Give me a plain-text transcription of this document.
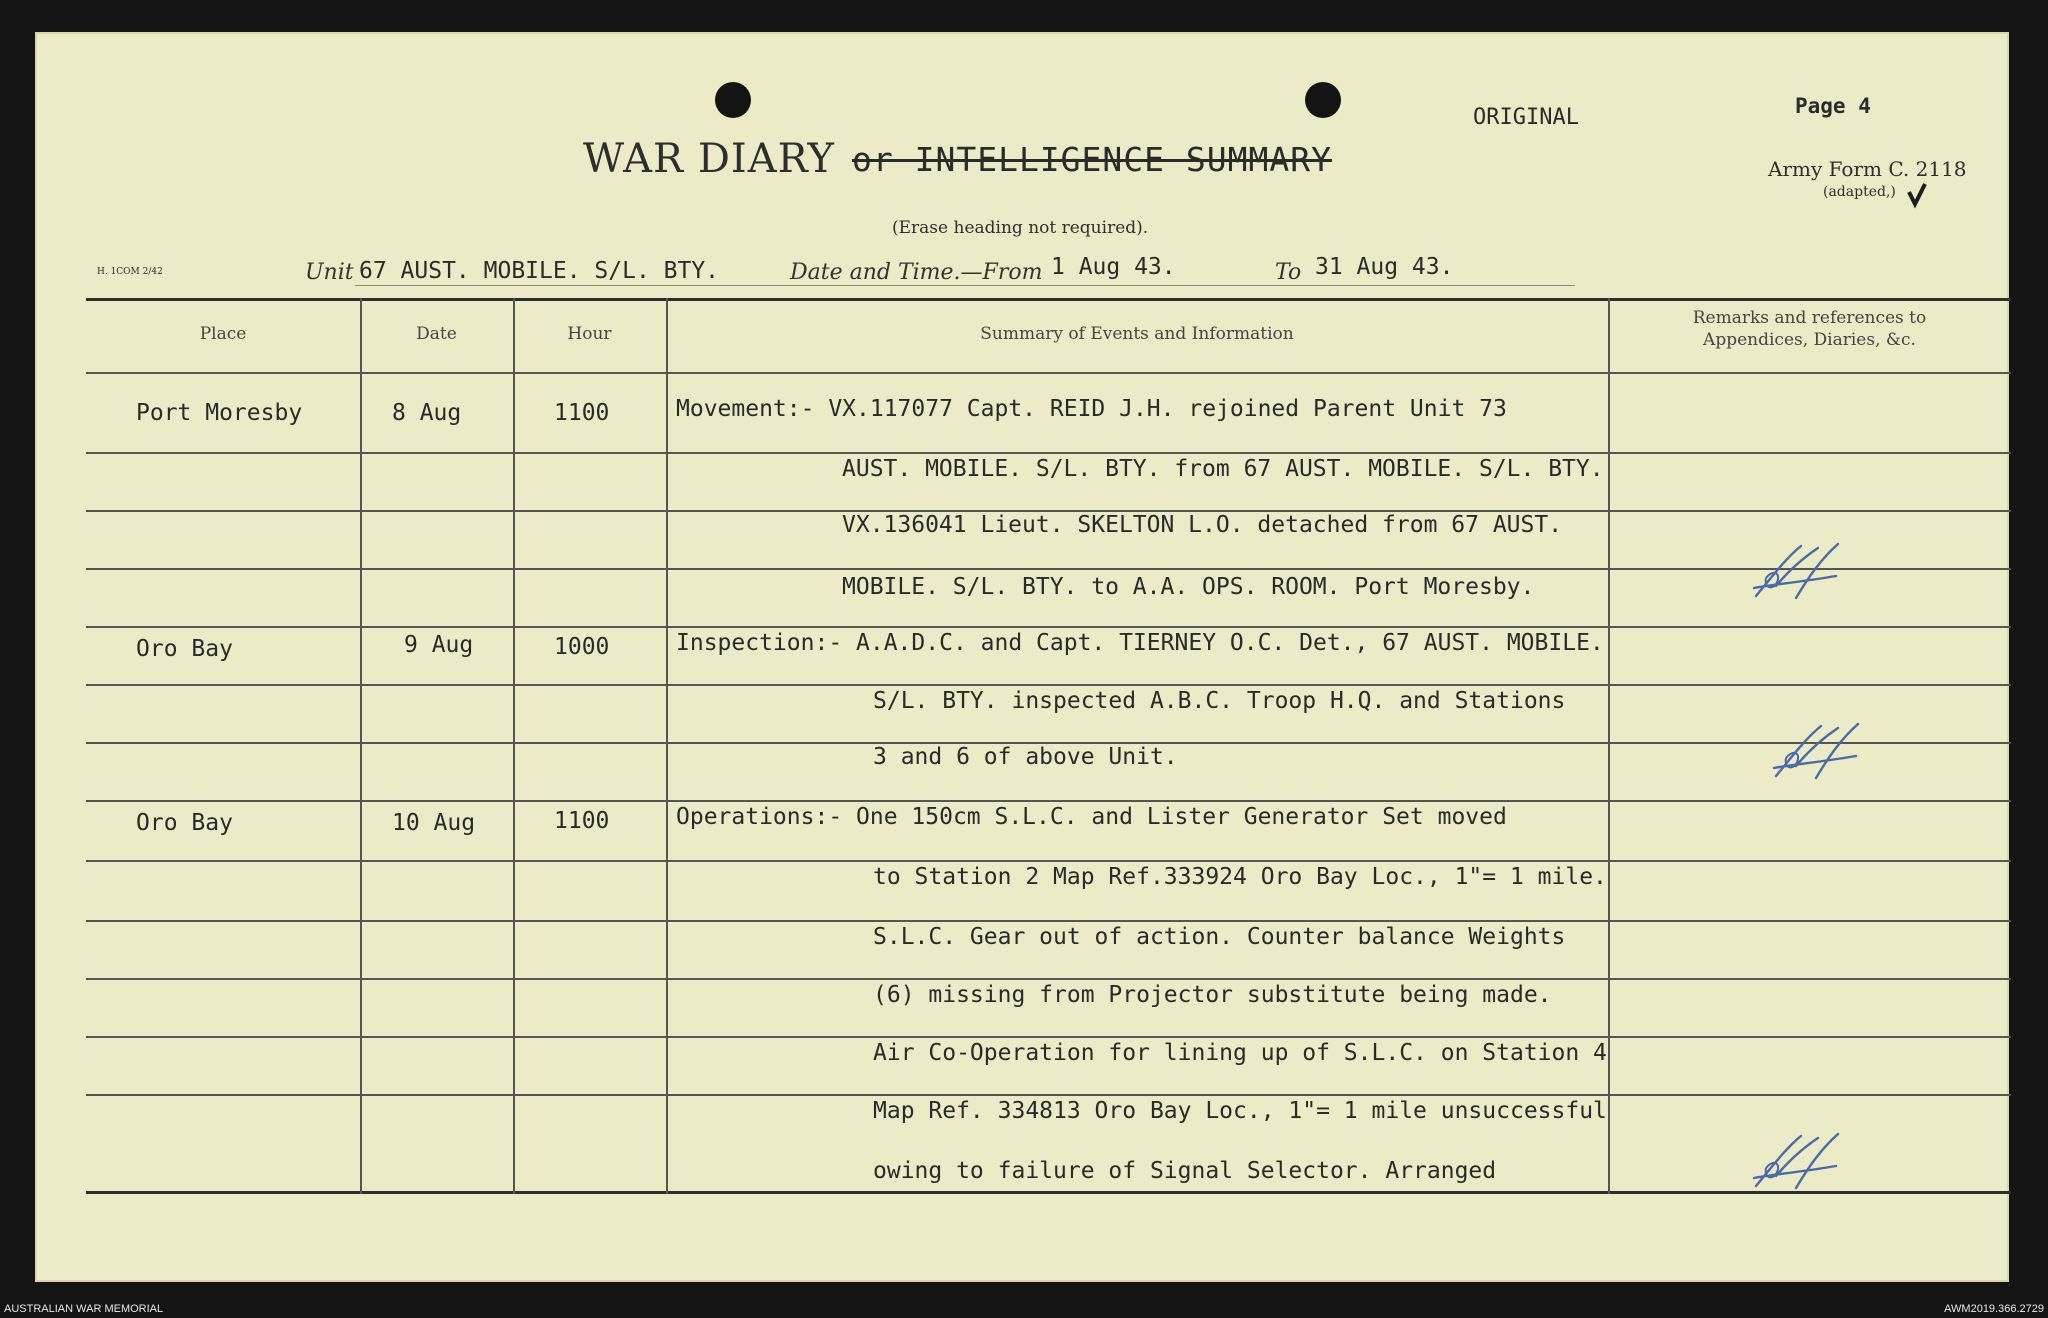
WAR DIARY or INTELLIGENCE SUMMARY
(Erase heading not required).
ORIGINAL	Page 4
Army Form C. 2118
(adapted,)
H. 1COM 2/42	Unit 67 AUST. MOBILE. S/L. BTY.	Date and Time.—From 1 Aug 43.	To 31 Aug 43.
Place	Date	Hour	Summary of Events and Information
Remarks and references to
Appendices, Diaries, &c.
Port Moresby	8 Aug	1100	Movement:- VX.117077 Capt. REID J.H. rejoined Parent Unit 73
AUST. MOBILE. S/L. BTY. from 67 AUST. MOBILE. S/L. BTY.
VX.136041 Lieut. SKELTON L.O. detached from 67 AUST.
MOBILE. S/L. BTY. to A.A. OPS. ROOM. Port Moresby.
Oro Bay	9 Aug	1000	Inspection:- A.A.D.C. and Capt. TIERNEY O.C. Det., 67 AUST. MOBILE.
S/L. BTY. inspected A.B.C. Troop H.Q. and Stations
3 and 6 of above Unit.
Oro Bay	10 Aug	1100	Operations:- One 150cm S.L.C. and Lister Generator Set moved
to Station 2 Map Ref.333924 Oro Bay Loc., 1"= 1 mile.
S.L.C. Gear out of action. Counter balance Weights
(6) missing from Projector substitute being made.
Air Co-Operation for lining up of S.L.C. on Station 4
Map Ref. 334813 Oro Bay Loc., 1"= 1 mile unsuccessful
owing to failure of Signal Selector. Arranged
AUSTRALIAN WAR MEMORIAL	AWM2019.366.2729
